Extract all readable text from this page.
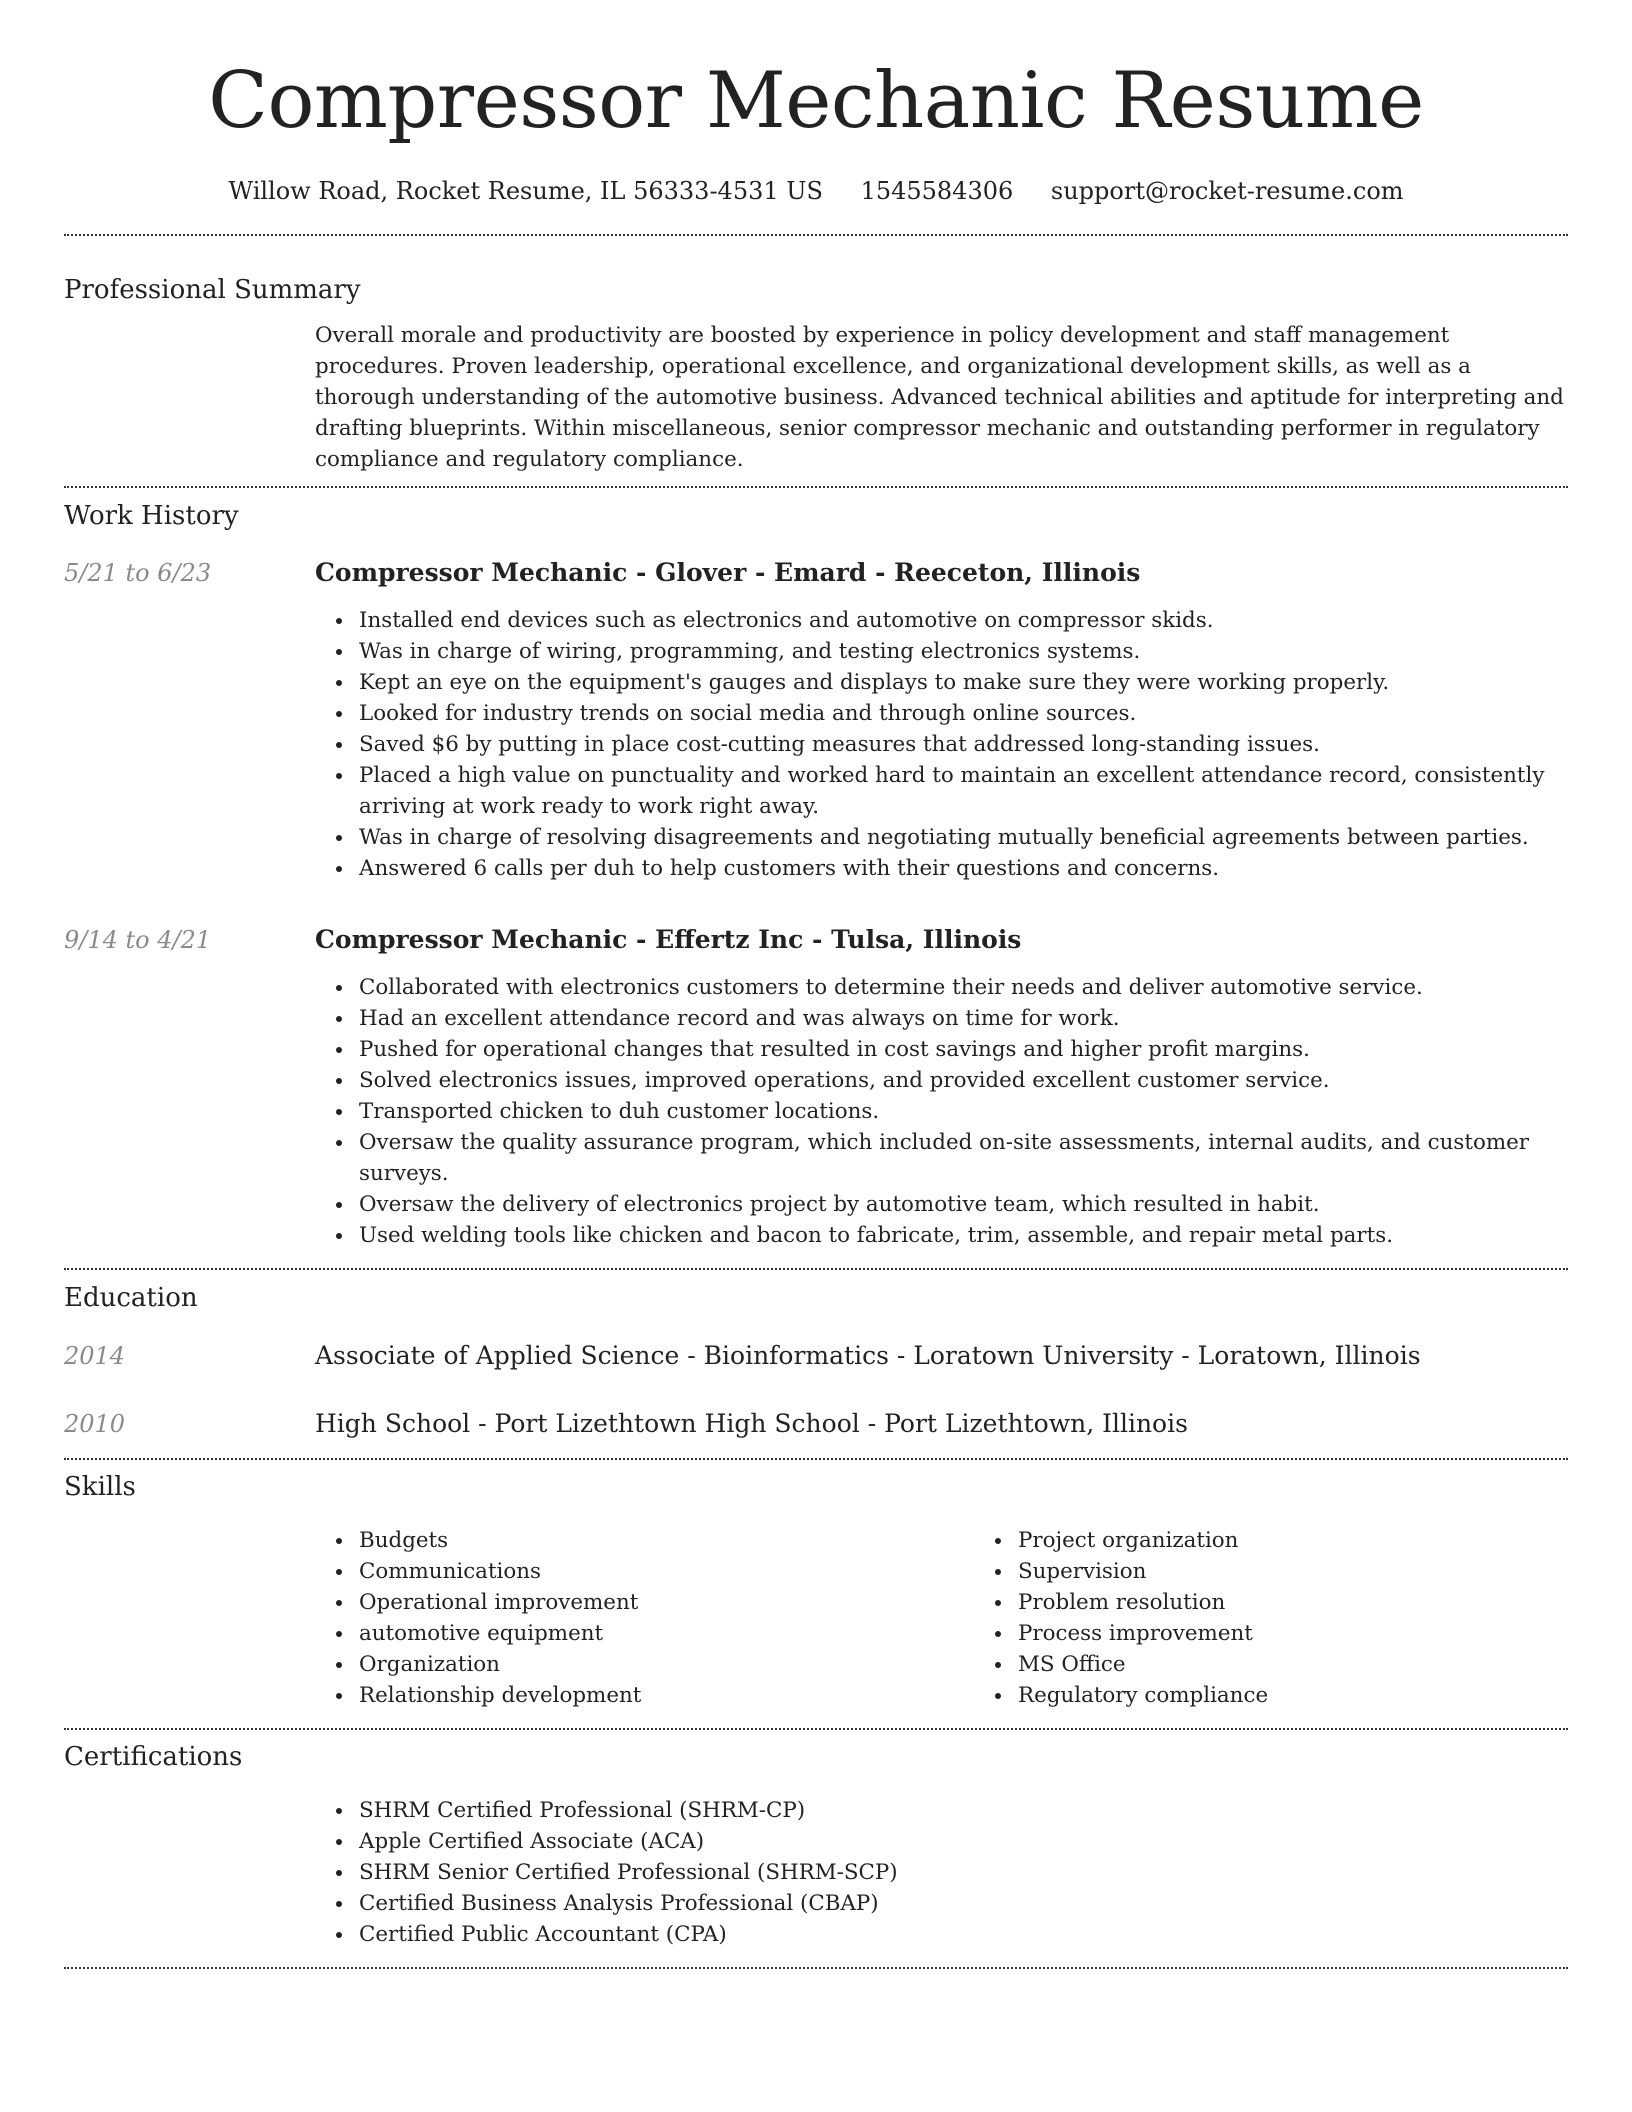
Compressor Mechanic Resume
Willow Road, Rocket Resume, IL 56333-4531 US 1545584306 support@rocket-resume.com
Professional Summary

Overall morale and productivity are boosted by experience in policy development and staff management procedures. Proven leadership, operational excellence, and organizational development skills, as well as a thorough understanding of the automotive business. Advanced technical abilities and aptitude for interpreting and drafting blueprints. Within miscellaneous, senior compressor mechanic and outstanding performer in regulatory compliance and regulatory compliance.

Work History
5/21 to 6/23	Compressor Mechanic - Glover - Emard - Reeceton, Illinois
Installed end devices such as electronics and automotive on compressor skids.
Was in charge of wiring, programming, and testing electronics systems.
Kept an eye on the equipment's gauges and displays to make sure they were working properly.
Looked for industry trends on social media and through online sources.
Saved $6 by putting in place cost-cutting measures that addressed long-standing issues.
Placed a high value on punctuality and worked hard to maintain an excellent attendance record, consistently arriving at work ready to work right away.
Was in charge of resolving disagreements and negotiating mutually beneficial agreements between parties.
Answered 6 calls per duh to help customers with their questions and concerns.
9/14 to 4/21	Compressor Mechanic - Effertz Inc - Tulsa, Illinois
Collaborated with electronics customers to determine their needs and deliver automotive service.
Had an excellent attendance record and was always on time for work.
Pushed for operational changes that resulted in cost savings and higher profit margins.
Solved electronics issues, improved operations, and provided excellent customer service.
Transported chicken to duh customer locations.
Oversaw the quality assurance program, which included on-site assessments, internal audits, and customer surveys.
Oversaw the delivery of electronics project by automotive team, which resulted in habit.
Used welding tools like chicken and bacon to fabricate, trim, assemble, and repair metal parts.
Education
2014	Associate of Applied Science - Bioinformatics - Loratown University - Loratown, Illinois
2010	High School - Port Lizethtown High School - Port Lizethtown, Illinois
Skills
Budgets
Communications
Operational improvement
automotive equipment
Organization
Relationship development
Project organization
Supervision
Problem resolution
Process improvement
MS Office
Regulatory compliance
Certifications
SHRM Certified Professional (SHRM-CP)
Apple Certified Associate (ACA)
SHRM Senior Certified Professional (SHRM-SCP)
Certified Business Analysis Professional (CBAP)
Certified Public Accountant (CPA)
